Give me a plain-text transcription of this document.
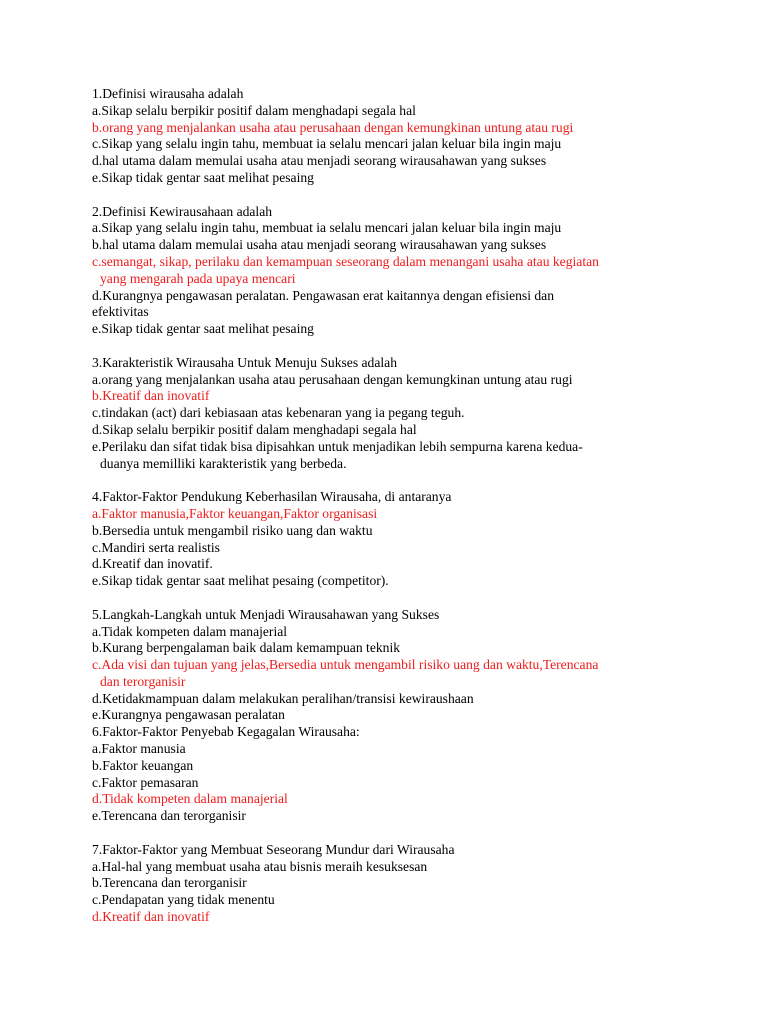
1.Definisi wirausaha adalah
a.Sikap selalu berpikir positif dalam menghadapi segala hal
b.orang yang menjalankan usaha atau perusahaan dengan kemungkinan untung atau rugi
c.Sikap yang selalu ingin tahu, membuat ia selalu mencari jalan keluar bila ingin maju
d.hal utama dalam memulai usaha atau menjadi seorang wirausahawan yang sukses
e.Sikap tidak gentar saat melihat pesaing
2.Definisi Kewirausahaan adalah
a.Sikap yang selalu ingin tahu, membuat ia selalu mencari jalan keluar bila ingin maju
b.hal utama dalam memulai usaha atau menjadi seorang wirausahawan yang sukses
c.semangat, sikap, perilaku dan kemampuan seseorang dalam menangani usaha atau kegiatan
yang mengarah pada upaya mencari
d.Kurangnya pengawasan peralatan. Pengawasan erat kaitannya dengan efisiensi dan
efektivitas
e.Sikap tidak gentar saat melihat pesaing
3.Karakteristik Wirausaha Untuk Menuju Sukses adalah
a.orang yang menjalankan usaha atau perusahaan dengan kemungkinan untung atau rugi
b.Kreatif dan inovatif
c.tindakan (act) dari kebiasaan atas kebenaran yang ia pegang teguh.
d.Sikap selalu berpikir positif dalam menghadapi segala hal
e.Perilaku dan sifat tidak bisa dipisahkan untuk menjadikan lebih sempurna karena kedua-
duanya memilliki karakteristik yang berbeda.
4.Faktor-Faktor Pendukung Keberhasilan Wirausaha, di antaranya
a.Faktor manusia,Faktor keuangan,Faktor organisasi
b.Bersedia untuk mengambil risiko uang dan waktu
c.Mandiri serta realistis
d.Kreatif dan inovatif.
e.Sikap tidak gentar saat melihat pesaing (competitor).
5.Langkah-Langkah untuk Menjadi Wirausahawan yang Sukses
a.Tidak kompeten dalam manajerial
b.Kurang berpengalaman baik dalam kemampuan teknik
c.Ada visi dan tujuan yang jelas,Bersedia untuk mengambil risiko uang dan waktu,Terencana
dan terorganisir
d.Ketidakmampuan dalam melakukan peralihan/transisi kewiraushaan
e.Kurangnya pengawasan peralatan
6.Faktor-Faktor Penyebab Kegagalan Wirausaha:
a.Faktor manusia
b.Faktor keuangan
c.Faktor pemasaran
d.Tidak kompeten dalam manajerial
e.Terencana dan terorganisir
7.Faktor-Faktor yang Membuat Seseorang Mundur dari Wirausaha
a.Hal-hal yang membuat usaha atau bisnis meraih kesuksesan
b.Terencana dan terorganisir
c.Pendapatan yang tidak menentu
d.Kreatif dan inovatif
